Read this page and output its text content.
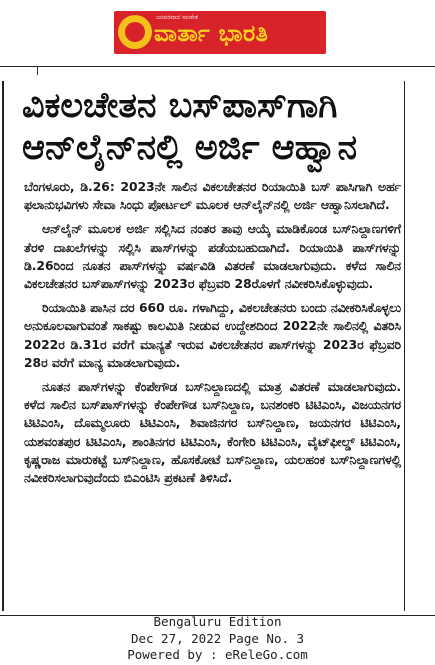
ಜನಪರವಾದ ಸಾಂಕೇತ
ವಾರ್ತಾ ಭಾರತಿ
ವಿಕಲಚೇತನ ಬಸ್‌ಪಾಸ್‌ಗಾಗಿ
ಆನ್‌ಲೈನ್‌ನಲ್ಲಿ ಅರ್ಜಿ ಆಹ್ವಾನ

ಬೆಂಗಳೂರು, ಡಿ.26: 2023ನೇ ಸಾಲಿನ ವಿಕಲಚೇತನರ ರಿಯಾಯಿತಿ ಬಸ್ ಪಾಸಿಗಾಗಿ ಅರ್ಹ ಫಲಾನುಭವಿಗಳು ಸೇವಾ ಸಿಂಧು ಪೋರ್ಟಲ್ ಮೂಲಕ ಆನ್‌ಲೈನ್‌ನಲ್ಲಿ ಅರ್ಜಿ ಆಹ್ವಾನಿಸಲಾಗಿದೆ.

ಆನ್‌ಲೈನ್ ಮೂಲಕ ಅರ್ಜಿ ಸಲ್ಲಿಸಿದ ನಂತರ ತಾವು ಆಯ್ಕೆ ಮಾಡಿಕೊಂಡ ಬಸ್‌ನಿಲ್ದಾಣಗಳಿಗೆ ತೆರಳಿ ದಾಖಲೆಗಳನ್ನು ಸಲ್ಲಿಸಿ ಪಾಸ್‌ಗಳನ್ನು ಪಡೆಯಬಹುದಾಗಿದೆ. ರಿಯಾಯಿತಿ ಪಾಸ್‌ಗಳನ್ನು ಡಿ.26ರಿಂದ ನೂತನ ಪಾಸ್‌ಗಳನ್ನು ವರ್ಷವಿಡಿ ವಿತರಣೆ ಮಾಡಲಾಗುವುದು. ಕಳೆದ ಸಾಲಿನ ವಿಕಲಚೇತನರ ಬಸ್‌ಪಾಸ್‌ಗಳನ್ನು 2023ರ ಫೆಬ್ರವರಿ 28ರೊಳಗೆ ನವೀಕರಿಸಿಕೊಳ್ಳುವುದು.

ರಿಯಾಯಿತಿ ಪಾಸಿನ ದರ 660 ರೂ. ಗಳಾಗಿದ್ದು, ವಿಕಲಚೇತನರು ಬಂದು ನವೀಕರಿಸಿಕೊಳ್ಳಲು ಅನುಕೂಲವಾಗುವಂತೆ ಸಾಕಷ್ಟು ಕಾಲಮಿತಿ ನೀಡುವ ಉದ್ದೇಶದಿಂದ 2022ನೇ ಸಾಲಿನಲ್ಲಿ ವಿತರಿಸಿ 2022ರ ಡಿ.31ರ ವರೆಗೆ ಮಾನ್ಯತೆ ಇರುವ ವಿಕಲಚೇತನರ ಪಾಸ್‌ಗಳನ್ನು 2023ರ ಫೆಬ್ರವರಿ 28ರ ವರೆಗೆ ಮಾನ್ಯ ಮಾಡಲಾಗುವುದು.

ನೂತನ ಪಾಸ್‌ಗಳನ್ನು ಕೆಂಪೇಗೌಡ ಬಸ್‌ನಿಲ್ದಾಣದಲ್ಲಿ ಮಾತ್ರ ವಿತರಣೆ ಮಾಡಲಾಗುವುದು. ಕಳೆದ ಸಾಲಿನ ಬಸ್‌ಪಾಸ್‌ಗಳನ್ನು ಕೆಂಪೇಗೌಡ ಬಸ್‌ನಿಲ್ದಾಣ, ಬನಶಂಕರಿ ಟಿಟಿಎಂಸಿ, ವಿಜಯನಗರ ಟಿಟಿಎಂಸಿ, ದೊಮ್ಮಲೂರು ಟಿಟಿಎಂಸಿ, ಶಿವಾಜಿನಗರ ಬಸ್‌ನಿಲ್ದಾಣ, ಜಯನಗರ ಟಿಟಿಎಂಸಿ, ಯಶವಂತಪುರ ಟಿಟಿಎಂಸಿ, ಶಾಂತಿನಗರ ಟಿಟಿಎಂಸಿ, ಕೆಂಗೇರಿ ಟಿಟಿಎಂಸಿ, ವೈಟ್‌ಫೀಲ್ಡ್ ಟಿಟಿಎಂಸಿ, ಕೃಷ್ಣರಾಜ ಮಾರುಕಟ್ಟೆ ಬಸ್‌ನಿಲ್ದಾಣ, ಹೊಸಕೋಟೆ ಬಸ್‌ನಿಲ್ದಾಣ, ಯಲಹಂಕ ಬಸ್‌ನಿಲ್ದಾಣಗಳಲ್ಲಿ ನವೀಕರಿಸಲಾಗುವುದೆಂದು ಬಿಎಂಟಿಸಿ ಪ್ರಕಟಣೆ ತಿಳಿಸಿದೆ.

Bengaluru Edition
Dec 27, 2022 Page No. 3
Powered by : eReleGo.com
